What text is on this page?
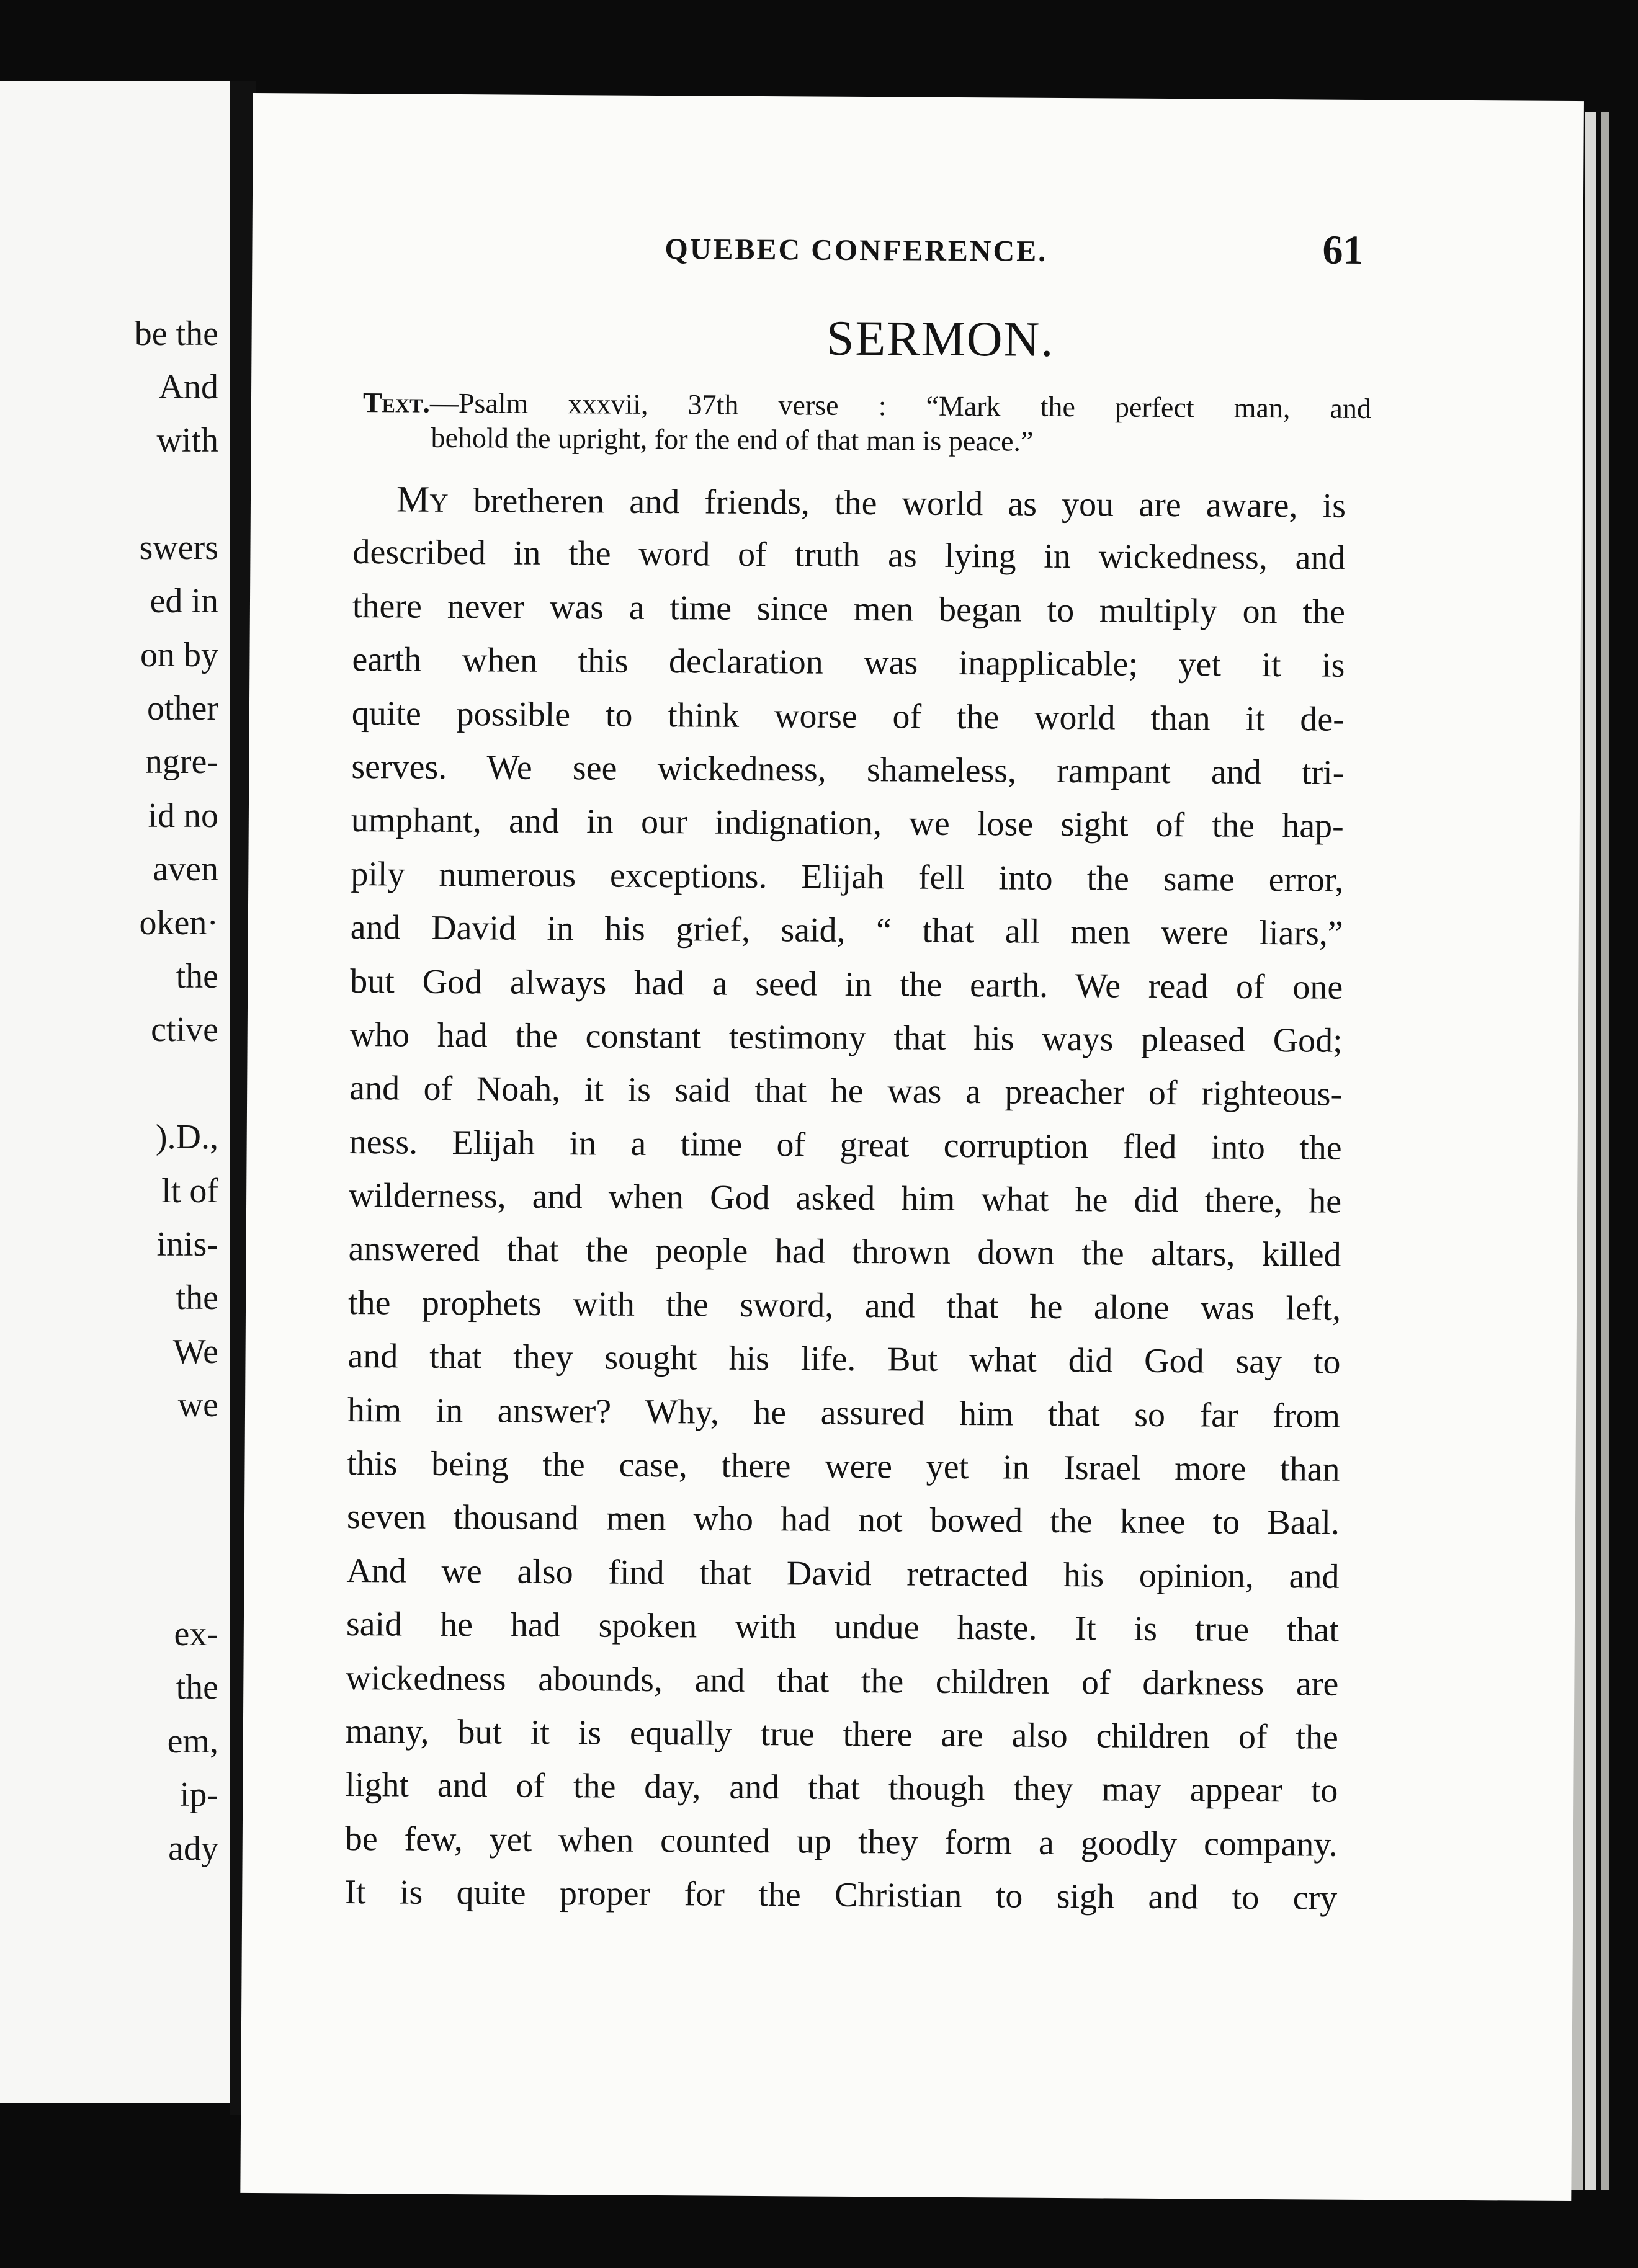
be the
And
with
swers
ed in
on by
other
ngre-
id no
aven
oken·
the
ctive
).D.,
lt of
inis-
the
We
we
ex-
the
em,
ip-
ady
QUEBEC CONFERENCE.	61
SERMON.
Text.—Psalm xxxvii, 37th verse : “Mark the perfect man, and
behold the upright, for the end of that man is peace.”
My bretheren and friends, the world as you are aware, is
described in the word of truth as lying in wickedness, and
there never was a time since men began to multiply on the
earth when this declaration was inapplicable; yet it is
quite possible to think worse of the world than it de-
serves. We see wickedness, shameless, rampant and tri-
umphant, and in our indignation, we lose sight of the hap-
pily numerous exceptions. Elijah fell into the same error,
and David in his grief, said, “ that all men were liars,”
but God always had a seed in the earth. We read of one
who had the constant testimony that his ways pleased God;
and of Noah, it is said that he was a preacher of righteous-
ness. Elijah in a time of great corruption fled into the
wilderness, and when God asked him what he did there, he
answered that the people had thrown down the altars, killed
the prophets with the sword, and that he alone was left,
and that they sought his life. But what did God say to
him in answer? Why, he assured him that so far from
this being the case, there were yet in Israel more than
seven thousand men who had not bowed the knee to Baal.
And we also find that David retracted his opinion, and
said he had spoken with undue haste. It is true that
wickedness abounds, and that the children of darkness are
many, but it is equally true there are also children of the
light and of the day, and that though they may appear to
be few, yet when counted up they form a goodly company.
It is quite proper for the Christian to sigh and to cry
